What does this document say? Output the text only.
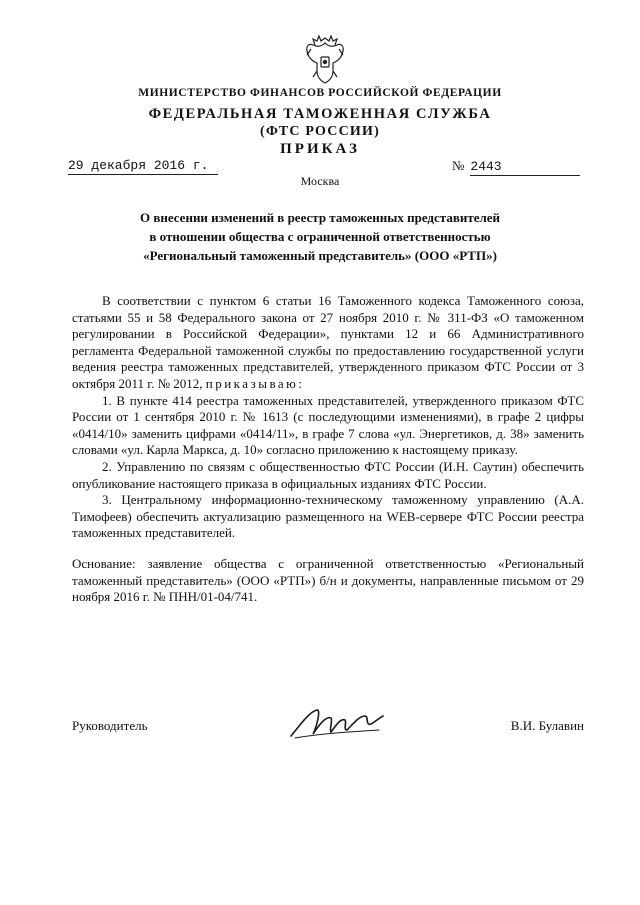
МИНИСТЕРСТВО ФИНАНСОВ РОССИЙСКОЙ ФЕДЕРАЦИИ
ФЕДЕРАЛЬНАЯ ТАМОЖЕННАЯ СЛУЖБА
(ФТС РОССИИ)
ПРИКАЗ
29 декабря 2016 г.	№ 2443
Москва
О внесении изменений в реестр таможенных представителей
в отношении общества с ограниченной ответственностью
«Региональный таможенный представитель» (ООО «РТП»)

В соответствии с пунктом 6 статьи 16 Таможенного кодекса Таможенного союза, статьями 55 и 58 Федерального закона от 27 ноября 2010 г. № 311-ФЗ «О таможенном регулировании в Российской Федерации», пунктами 12 и 66 Административного регламента Федеральной таможенной службы по предоставлению государственной услуги ведения реестра таможенных представителей, утвержденного приказом ФТС России от 3 октября 2011 г. № 2012, приказываю:

1. В пункте 414 реестра таможенных представителей, утвержденного приказом ФТС России от 1 сентября 2010 г. № 1613 (с последующими изменениями), в графе 2 цифры «0414/10» заменить цифрами «0414/11», в графе 7 слова «ул. Энергетиков, д. 38» заменить словами «ул. Карла Маркса, д. 10» согласно приложению к настоящему приказу.

2. Управлению по связям с общественностью ФТС России (И.Н. Саутин) обеспечить опубликование настоящего приказа в официальных изданиях ФТС России.

3. Центральному информационно-техническому таможенному управлению (А.А. Тимофеев) обеспечить актуализацию размещенного на WEB-сервере ФТС России реестра таможенных представителей.

Основание: заявление общества с ограниченной ответственностью «Региональный таможенный представитель» (ООО «РТП») б/н и документы, направленные письмом от 29 ноября 2016 г. № ПНН/01-04/741.

Руководитель	В.И. Булавин
